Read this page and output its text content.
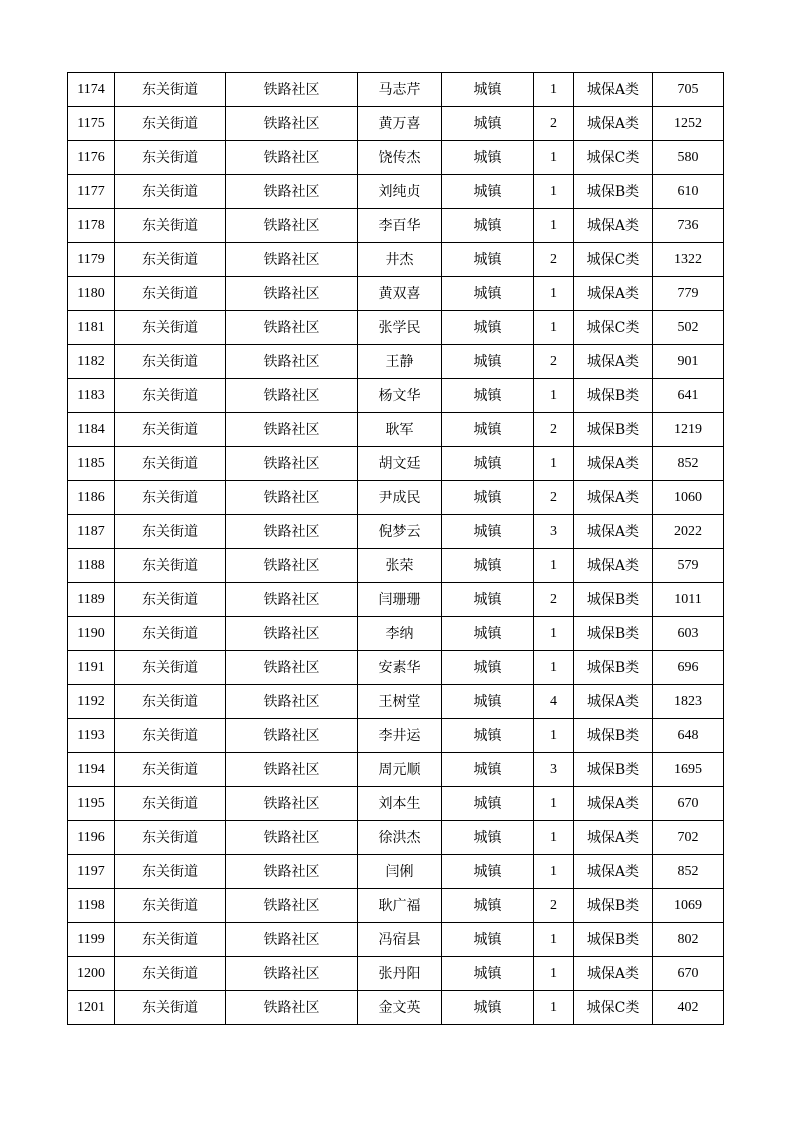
1174	东关街道	铁路社区	马志芹	城镇	1	城保A类	705
1175	东关街道	铁路社区	黄万喜	城镇	2	城保A类	1252
1176	东关街道	铁路社区	饶传杰	城镇	1	城保C类	580
1177	东关街道	铁路社区	刘纯贞	城镇	1	城保B类	610
1178	东关街道	铁路社区	李百华	城镇	1	城保A类	736
1179	东关街道	铁路社区	井杰	城镇	2	城保C类	1322
1180	东关街道	铁路社区	黄双喜	城镇	1	城保A类	779
1181	东关街道	铁路社区	张学民	城镇	1	城保C类	502
1182	东关街道	铁路社区	王静	城镇	2	城保A类	901
1183	东关街道	铁路社区	杨文华	城镇	1	城保B类	641
1184	东关街道	铁路社区	耿军	城镇	2	城保B类	1219
1185	东关街道	铁路社区	胡文廷	城镇	1	城保A类	852
1186	东关街道	铁路社区	尹成民	城镇	2	城保A类	1060
1187	东关街道	铁路社区	倪梦云	城镇	3	城保A类	2022
1188	东关街道	铁路社区	张荣	城镇	1	城保A类	579
1189	东关街道	铁路社区	闫珊珊	城镇	2	城保B类	1011
1190	东关街道	铁路社区	李纳	城镇	1	城保B类	603
1191	东关街道	铁路社区	安素华	城镇	1	城保B类	696
1192	东关街道	铁路社区	王树堂	城镇	4	城保A类	1823
1193	东关街道	铁路社区	李井运	城镇	1	城保B类	648
1194	东关街道	铁路社区	周元顺	城镇	3	城保B类	1695
1195	东关街道	铁路社区	刘本生	城镇	1	城保A类	670
1196	东关街道	铁路社区	徐洪杰	城镇	1	城保A类	702
1197	东关街道	铁路社区	闫俐	城镇	1	城保A类	852
1198	东关街道	铁路社区	耿广福	城镇	2	城保B类	1069
1199	东关街道	铁路社区	冯宿县	城镇	1	城保B类	802
1200	东关街道	铁路社区	张丹阳	城镇	1	城保A类	670
1201	东关街道	铁路社区	金文英	城镇	1	城保C类	402
